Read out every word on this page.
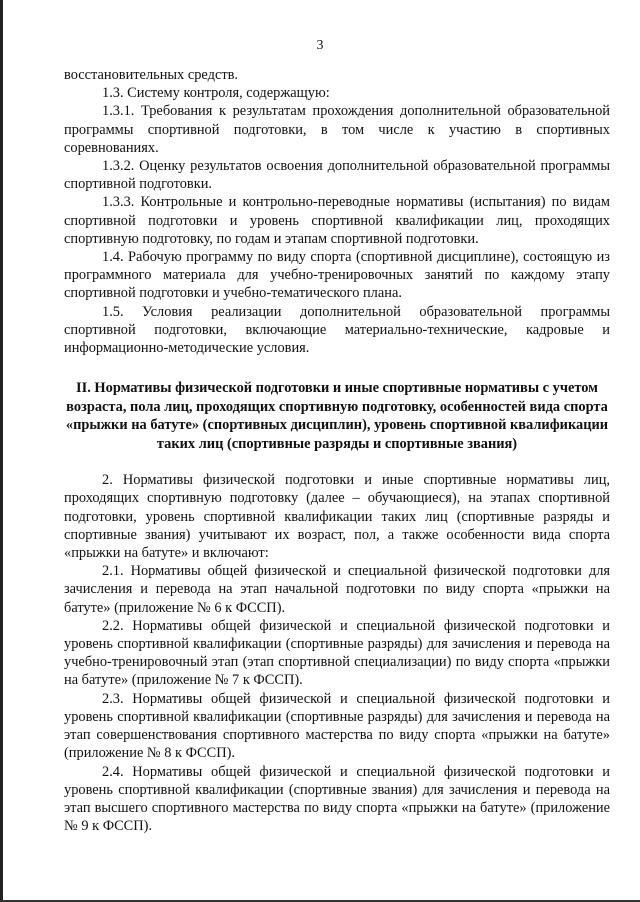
3

восстановительных средств.

1.3. Систему контроля, содержащую:

1.3.1. Требования к результатам прохождения дополнительной образовательной программы спортивной подготовки, в том числе к участию в спортивных соревнованиях.

1.3.2. Оценку результатов освоения дополнительной образовательной программы спортивной подготовки.

1.3.3. Контрольные и контрольно-переводные нормативы (испытания) по видам спортивной подготовки и уровень спортивной квалификации лиц, проходящих спортивную подготовку, по годам и этапам спортивной подготовки.

1.4. Рабочую программу по виду спорта (спортивной дисциплине), состоящую из программного материала для учебно-тренировочных занятий по каждому этапу спортивной подготовки и учебно-тематического плана.

1.5. Условия реализации дополнительной образовательной программы спортивной подготовки, включающие материально-технические, кадровые и информационно-методические условия.

II. Нормативы физической подготовки и иные спортивные нормативы с учетом возраста, пола лиц, проходящих спортивную подготовку, особенностей вида спорта «прыжки на батуте» (спортивных дисциплин), уровень спортивной квалификации таких лиц (спортивные разряды и спортивные звания)

2. Нормативы физической подготовки и иные спортивные нормативы лиц, проходящих спортивную подготовку (далее – обучающиеся), на этапах спортивной подготовки, уровень спортивной квалификации таких лиц (спортивные разряды и спортивные звания) учитывают их возраст, пол, а также особенности вида спорта «прыжки на батуте» и включают:

2.1. Нормативы общей физической и специальной физической подготовки для зачисления и перевода на этап начальной подготовки по виду спорта «прыжки на батуте» (приложение № 6 к ФССП).

2.2. Нормативы общей физической и специальной физической подготовки и уровень спортивной квалификации (спортивные разряды) для зачисления и перевода на учебно-тренировочный этап (этап спортивной специализации) по виду спорта «прыжки на батуте» (приложение № 7 к ФССП).

2.3. Нормативы общей физической и специальной физической подготовки и уровень спортивной квалификации (спортивные разряды) для зачисления и перевода на этап совершенствования спортивного мастерства по виду спорта «прыжки на батуте» (приложение № 8 к ФССП).

2.4. Нормативы общей физической и специальной физической подготовки и уровень спортивной квалификации (спортивные звания) для зачисления и перевода на этап высшего спортивного мастерства по виду спорта «прыжки на батуте» (приложение № 9 к ФССП).
